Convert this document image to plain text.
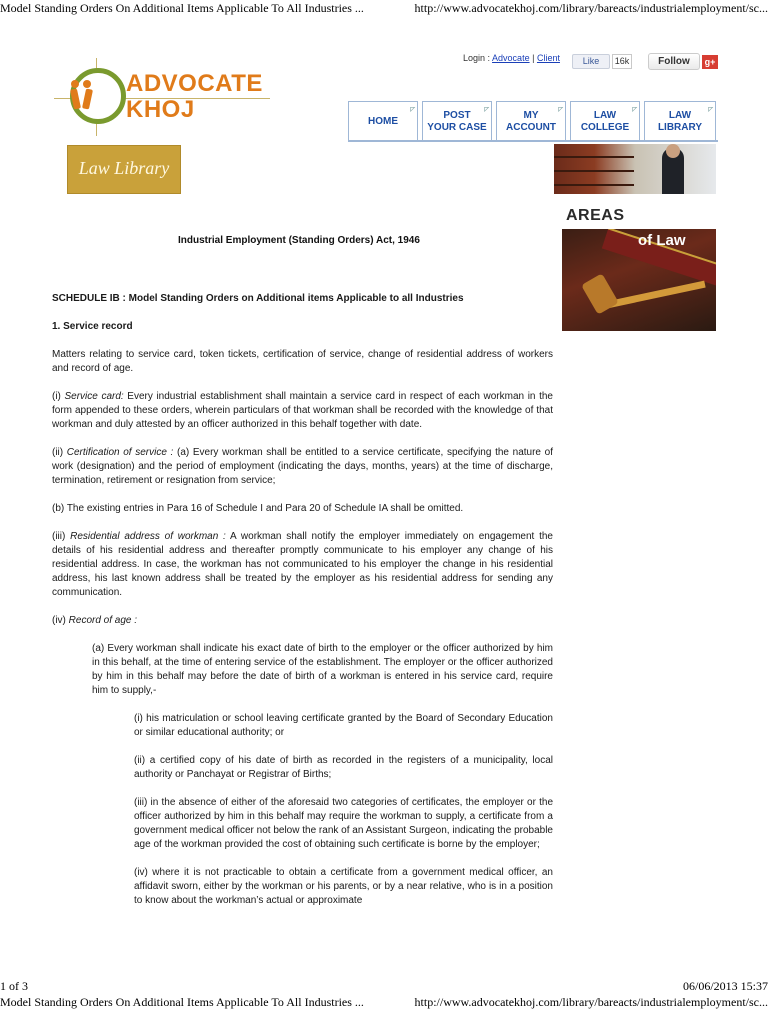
Model Standing Orders On Additional Items Applicable To All Industries ...	http://www.advocatekhoj.com/library/bareacts/industrialemployment/sc...
ADVOCATE
KHOJ
Login : Advocate | Client	Like	16k	Follow	g+
◸
HOME
◸
POST
YOUR CASE
◸
MY
ACCOUNT
◸
LAW
COLLEGE
◸
LAW
LIBRARY
Law Library
AREAS
of Law
Industrial Employment (Standing Orders) Act, 1946

SCHEDULE IB : Model Standing Orders on Additional items Applicable to all Industries

1. Service record

Matters relating to service card, token tickets, certification of service, change of residential address of workers and record of age.

(i) Service card: Every industrial establishment shall maintain a service card in respect of each workman in the form appended to these orders, wherein particulars of that workman shall be recorded with the knowledge of that workman and duly attested by an officer authorized in this behalf together with date.

(ii) Certification of service : (a) Every workman shall be entitled to a service certificate, specifying the nature of work (designation) and the period of employment (indicating the days, months, years) at the time of discharge, termination, retirement or resignation from service;

(b) The existing entries in Para 16 of Schedule I and Para 20 of Schedule IA shall be omitted.

(iii) Residential address of workman : A workman shall notify the employer immediately on engagement the details of his residential address and thereafter promptly communicate to his employer any change of his residential address. In case, the workman has not communicated to his employer the change in his residential address, his last known address shall be treated by the employer as his residential address for sending any communication.

(iv) Record of age :

(a) Every workman shall indicate his exact date of birth to the employer or the officer authorized by him in this behalf, at the time of entering service of the establishment. The employer or the officer authorized by him in this behalf may before the date of birth of a workman is entered in his service card, require him to supply,-

(i) his matriculation or school leaving certificate granted by the Board of Secondary Education or similar educational authority; or

(ii) a certified copy of his date of birth as recorded in the registers of a municipality, local authority or Panchayat or Registrar of Births;

(iii) in the absence of either of the aforesaid two categories of certificates, the employer or the officer authorized by him in this behalf may require the workman to supply, a certificate from a government medical officer not below the rank of an Assistant Surgeon, indicating the probable age of the workman provided the cost of obtaining such certificate is borne by the employer;

(iv) where it is not practicable to obtain a certificate from a government medical officer, an affidavit sworn, either by the workman or his parents, or by a near relative, who is in a position to know about the workman’s actual or approximate

1 of 3	06/06/2013 15:37
Model Standing Orders On Additional Items Applicable To All Industries ...	http://www.advocatekhoj.com/library/bareacts/industrialemployment/sc...
